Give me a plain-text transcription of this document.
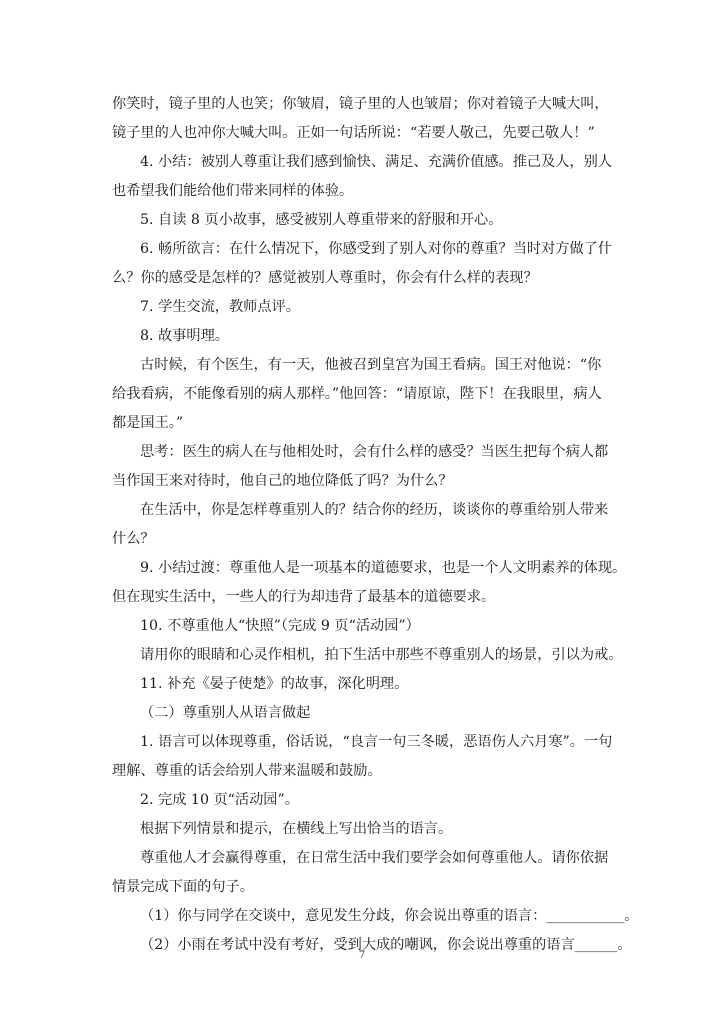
你笑时，镜子里的人也笑；你皱眉，镜子里的人也皱眉；你对着镜子大喊大叫，
镜子里的人也冲你大喊大叫。正如一句话所说：“若要人敬己，先要己敬人！”

4. 小结：被别人尊重让我们感到愉快、满足、充满价值感。推己及人，别人
也希望我们能给他们带来同样的体验。

5. 自读 8 页小故事，感受被别人尊重带来的舒服和开心。

6. 畅所欲言：在什么情况下，你感受到了别人对你的尊重？当时对方做了什
么？你的感受是怎样的？感觉被别人尊重时，你会有什么样的表现？

7. 学生交流，教师点评。

8. 故事明理。

古时候，有个医生，有一天，他被召到皇宫为国王看病。国王对他说：“你
给我看病，不能像看别的病人那样。”他回答：“请原谅，陛下！在我眼里，病人
都是国王。”

思考：医生的病人在与他相处时，会有什么样的感受？当医生把每个病人都
当作国王来对待时，他自己的地位降低了吗？为什么？

在生活中，你是怎样尊重别人的？结合你的经历，谈谈你的尊重给别人带来
什么？

9. 小结过渡：尊重他人是一项基本的道德要求，也是一个人文明素养的体现。
但在现实生活中，一些人的行为却违背了最基本的道德要求。

10. 不尊重他人“快照”（完成 9 页“活动园”）

请用你的眼睛和心灵作相机，拍下生活中那些不尊重别人的场景，引以为戒。

11. 补充《晏子使楚》的故事，深化明理。

（二）尊重别人从语言做起

1. 语言可以体现尊重，俗话说，“良言一句三冬暖，恶语伤人六月寒”。一句
理解、尊重的话会给别人带来温暖和鼓励。

2. 完成 10 页“活动园”。

根据下列情景和提示，在横线上写出恰当的语言。

尊重他人才会赢得尊重，在日常生活中我们要学会如何尊重他人。请你依据
情景完成下面的句子。

（1）你与同学在交谈中，意见发生分歧，你会说出尊重的语言：___________。

（2）小雨在考试中没有考好，受到大成的嘲讽，你会说出尊重的语言______。

7
